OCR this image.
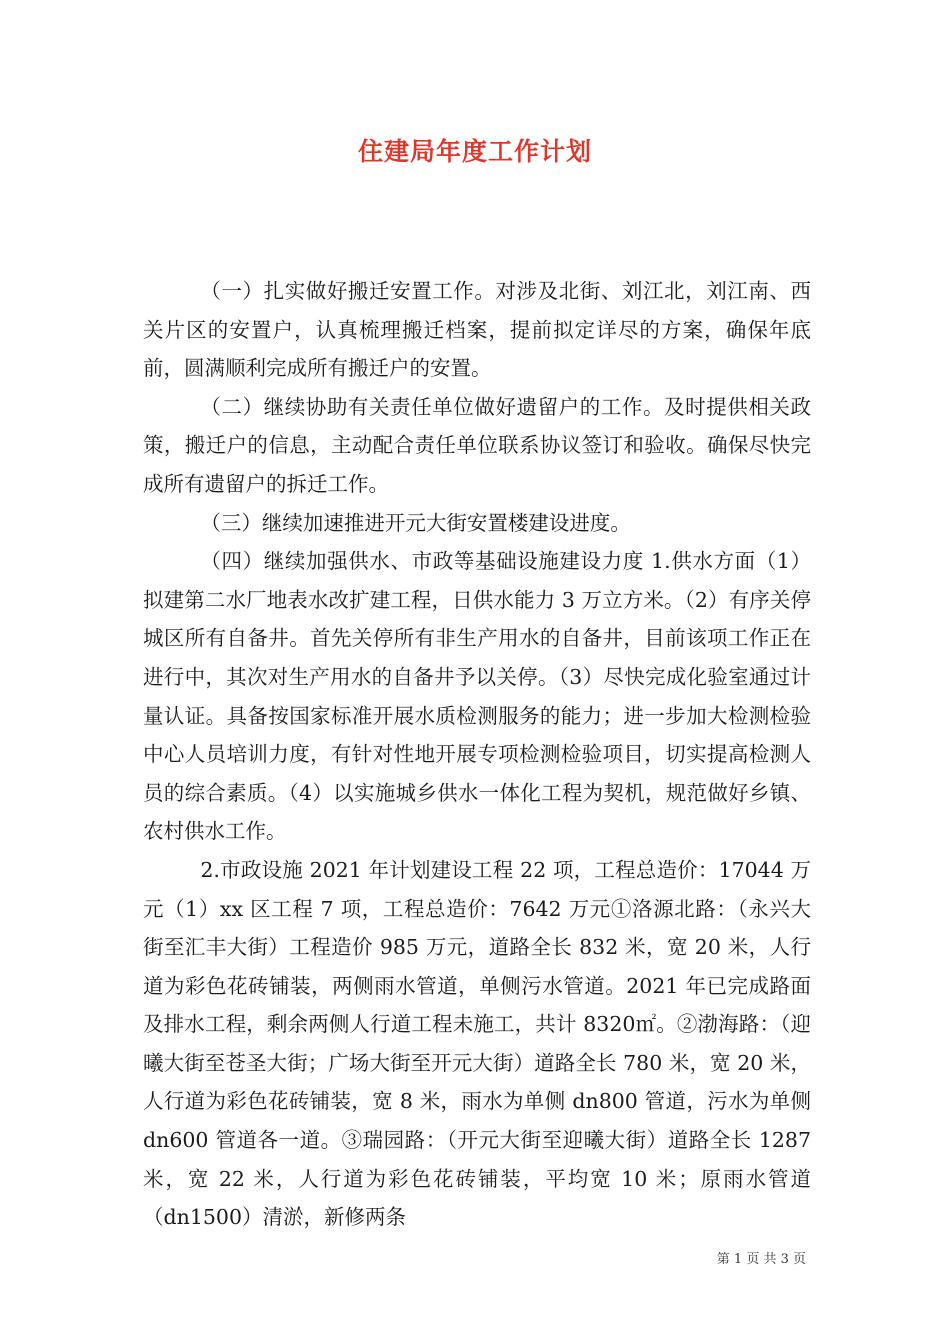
住建局年度工作计划

（一）扎实做好搬迁安置工作。对涉及北街、刘江北，刘江南、西关片区的安置户，认真梳理搬迁档案，提前拟定详尽的方案，确保年底前，圆满顺利完成所有搬迁户的安置。

（二）继续协助有关责任单位做好遗留户的工作。及时提供相关政策，搬迁户的信息，主动配合责任单位联系协议签订和验收。确保尽快完成所有遗留户的拆迁工作。

（三）继续加速推进开元大街安置楼建设进度。

（四）继续加强供水、市政等基础设施建设力度 1.供水方面（1）拟建第二水厂地表水改扩建工程，日供水能力 3 万立方米。（2）有序关停城区所有自备井。首先关停所有非生产用水的自备井，目前该项工作正在进行中，其次对生产用水的自备井予以关停。（3）尽快完成化验室通过计量认证。具备按国家标准开展水质检测服务的能力；进一步加大检测检验中心人员培训力度，有针对性地开展专项检测检验项目，切实提高检测人员的综合素质。（4）以实施城乡供水一体化工程为契机，规范做好乡镇、农村供水工作。

2.市政设施 2021 年计划建设工程 22 项，工程总造价：17044 万元（1）xx 区工程 7 项，工程总造价：7642 万元①洛源北路：（永兴大街至汇丰大街）工程造价 985 万元，道路全长 832 米，宽 20 米，人行道为彩色花砖铺装，两侧雨水管道，单侧污水管道。2021 年已完成路面及排水工程，剩余两侧人行道工程未施工，共计 8320㎡。②渤海路：（迎曦大街至苍圣大街；广场大街至开元大街）道路全长 780 米，宽 20 米，人行道为彩色花砖铺装，宽 8 米，雨水为单侧 dn800 管道，污水为单侧 dn600 管道各一道。③瑞园路：（开元大街至迎曦大街）道路全长 1287 米，宽 22 米，人行道为彩色花砖铺装，平均宽 10 米；原雨水管道（dn1500）清淤，新修两条

第 1 页 共 3 页
